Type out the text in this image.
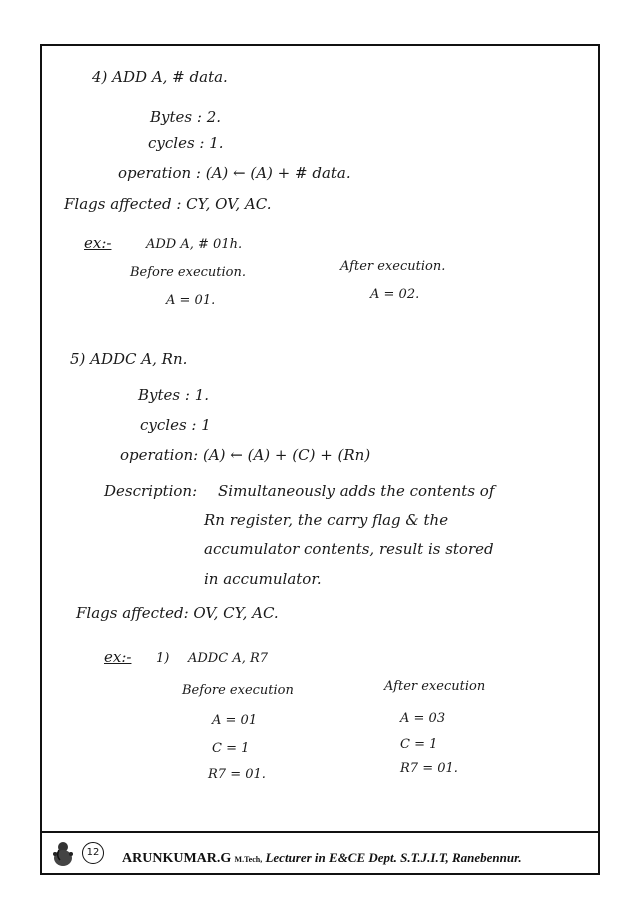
4) ADD A, # data.
Bytes : 2.
cycles : 1.
operation : (A) ← (A) + # data.
Flags affected : CY, OV, AC.
ex:-	ADD A, # 01h.
Before execution.	After execution.
A = 01.	A = 02.
5) ADDC A, Rn.
Bytes : 1.
cycles : 1
operation: (A) ← (A) + (C) + (Rn)
Description: Simultaneously adds the contents of
Rn register, the carry flag & the
accumulator contents, result is stored
in accumulator.
Flags affected: OV, CY, AC.
ex:- 1) ADDC A, R7
Before execution	After execution
A = 01	A = 03
C = 1	C = 1
R7 = 01.	R7 = 01.
12	ARUNKUMAR.G M.Tech, Lecturer in E&CE Dept. S.T.J.I.T, Ranebennur.
